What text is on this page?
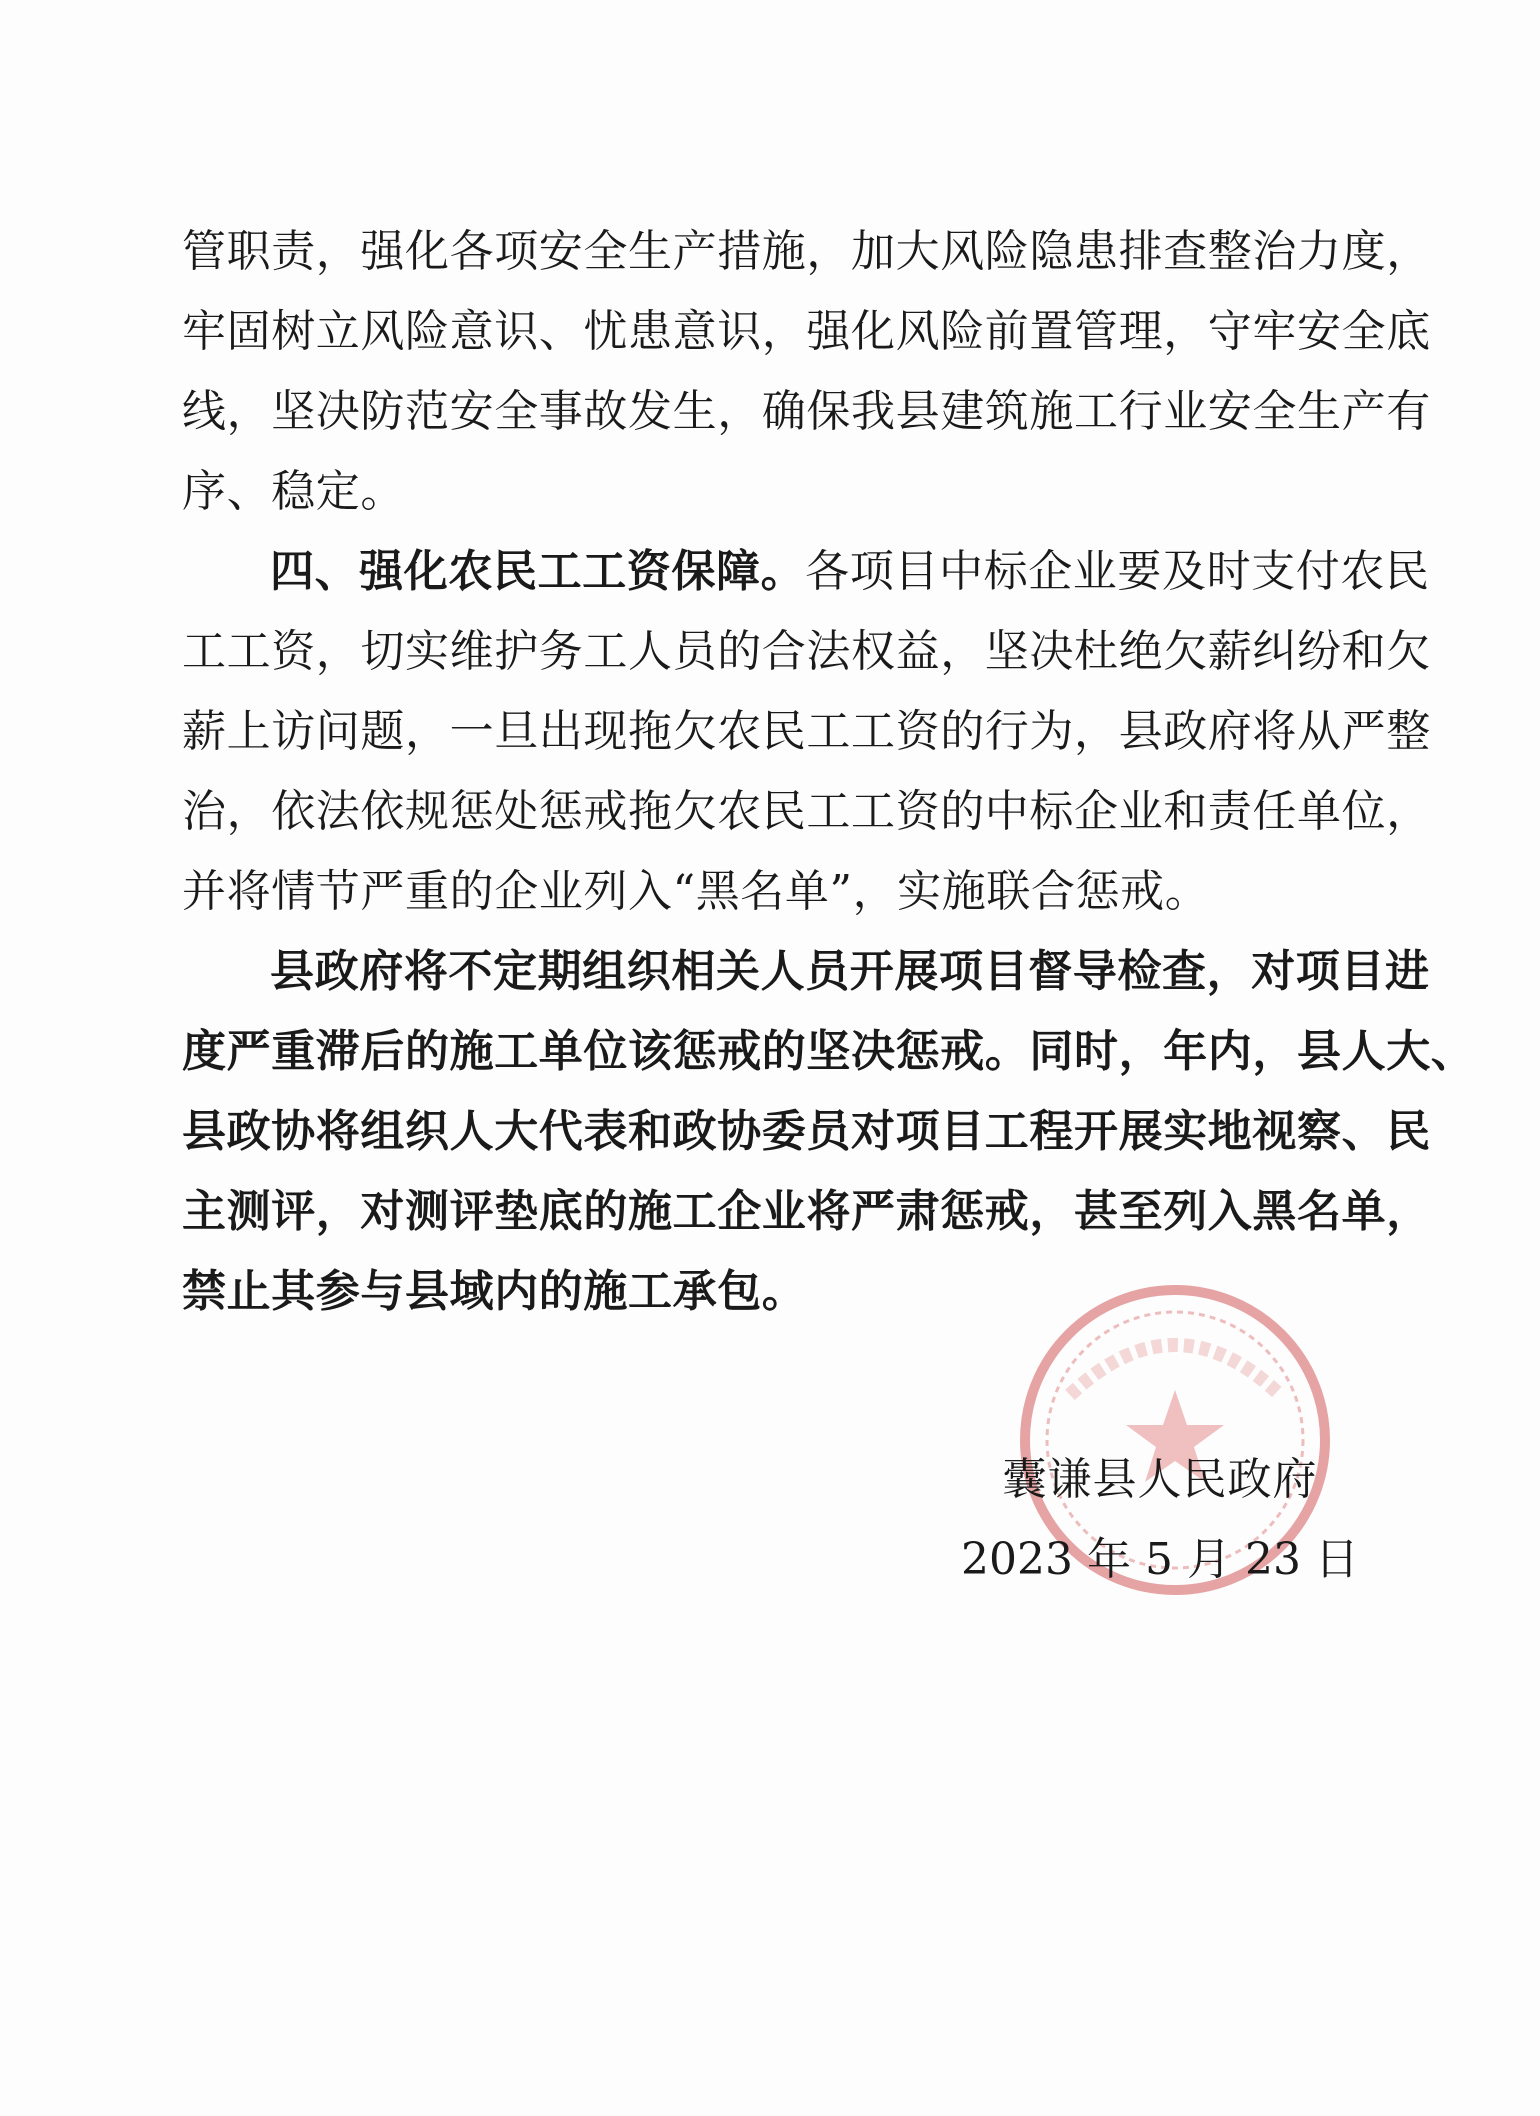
管职责，强化各项安全生产措施，加大风险隐患排查整治力度，
牢固树立风险意识、忧患意识，强化风险前置管理，守牢安全底
线，坚决防范安全事故发生，确保我县建筑施工行业安全生产有
序、稳定。
四、强化农民工工资保障。各项目中标企业要及时支付农民
工工资，切实维护务工人员的合法权益，坚决杜绝欠薪纠纷和欠
薪上访问题，一旦出现拖欠农民工工资的行为，县政府将从严整
治，依法依规惩处惩戒拖欠农民工工资的中标企业和责任单位，
并将情节严重的企业列入“黑名单”，实施联合惩戒。
县政府将不定期组织相关人员开展项目督导检查，对项目进
度严重滞后的施工单位该惩戒的坚决惩戒。同时，年内，县人大、
县政协将组织人大代表和政协委员对项目工程开展实地视察、民
主测评，对测评垫底的施工企业将严肃惩戒，甚至列入黑名单，
禁止其参与县域内的施工承包。
囊谦县人民政府
2023 年 5 月 23 日
